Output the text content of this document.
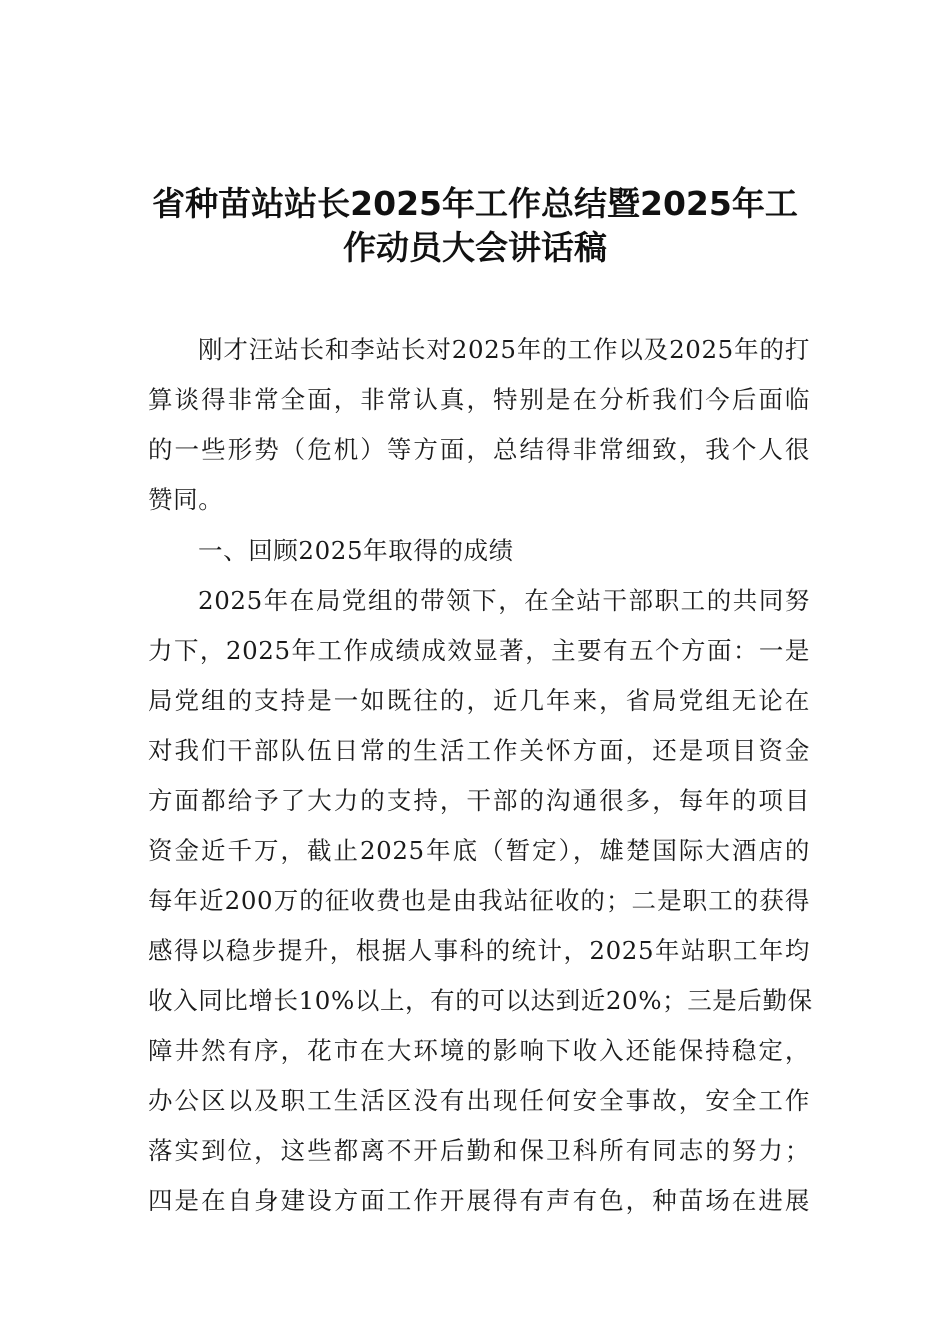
省种苗站站长2025年工作总结暨2025年工
作动员大会讲话稿

刚才汪站长和李站长对2025年的工作以及2025年的打

算谈得非常全面，非常认真，特别是在分析我们今后面临

的一些形势（危机）等方面，总结得非常细致，我个人很

赞同。

一、回顾2025年取得的成绩

2025年在局党组的带领下，在全站干部职工的共同努

力下，2025年工作成绩成效显著，主要有五个方面：一是

局党组的支持是一如既往的，近几年来，省局党组无论在

对我们干部队伍日常的生活工作关怀方面，还是项目资金

方面都给予了大力的支持，干部的沟通很多，每年的项目

资金近千万，截止2025年底（暂定），雄楚国际大酒店的

每年近200万的征收费也是由我站征收的；二是职工的获得

感得以稳步提升，根据人事科的统计，2025年站职工年均

收入同比增长10%以上，有的可以达到近20%；三是后勤保

障井然有序，花市在大环境的影响下收入还能保持稳定，

办公区以及职工生活区没有出现任何安全事故，安全工作

落实到位，这些都离不开后勤和保卫科所有同志的努力；

四是在自身建设方面工作开展得有声有色，种苗场在进展
